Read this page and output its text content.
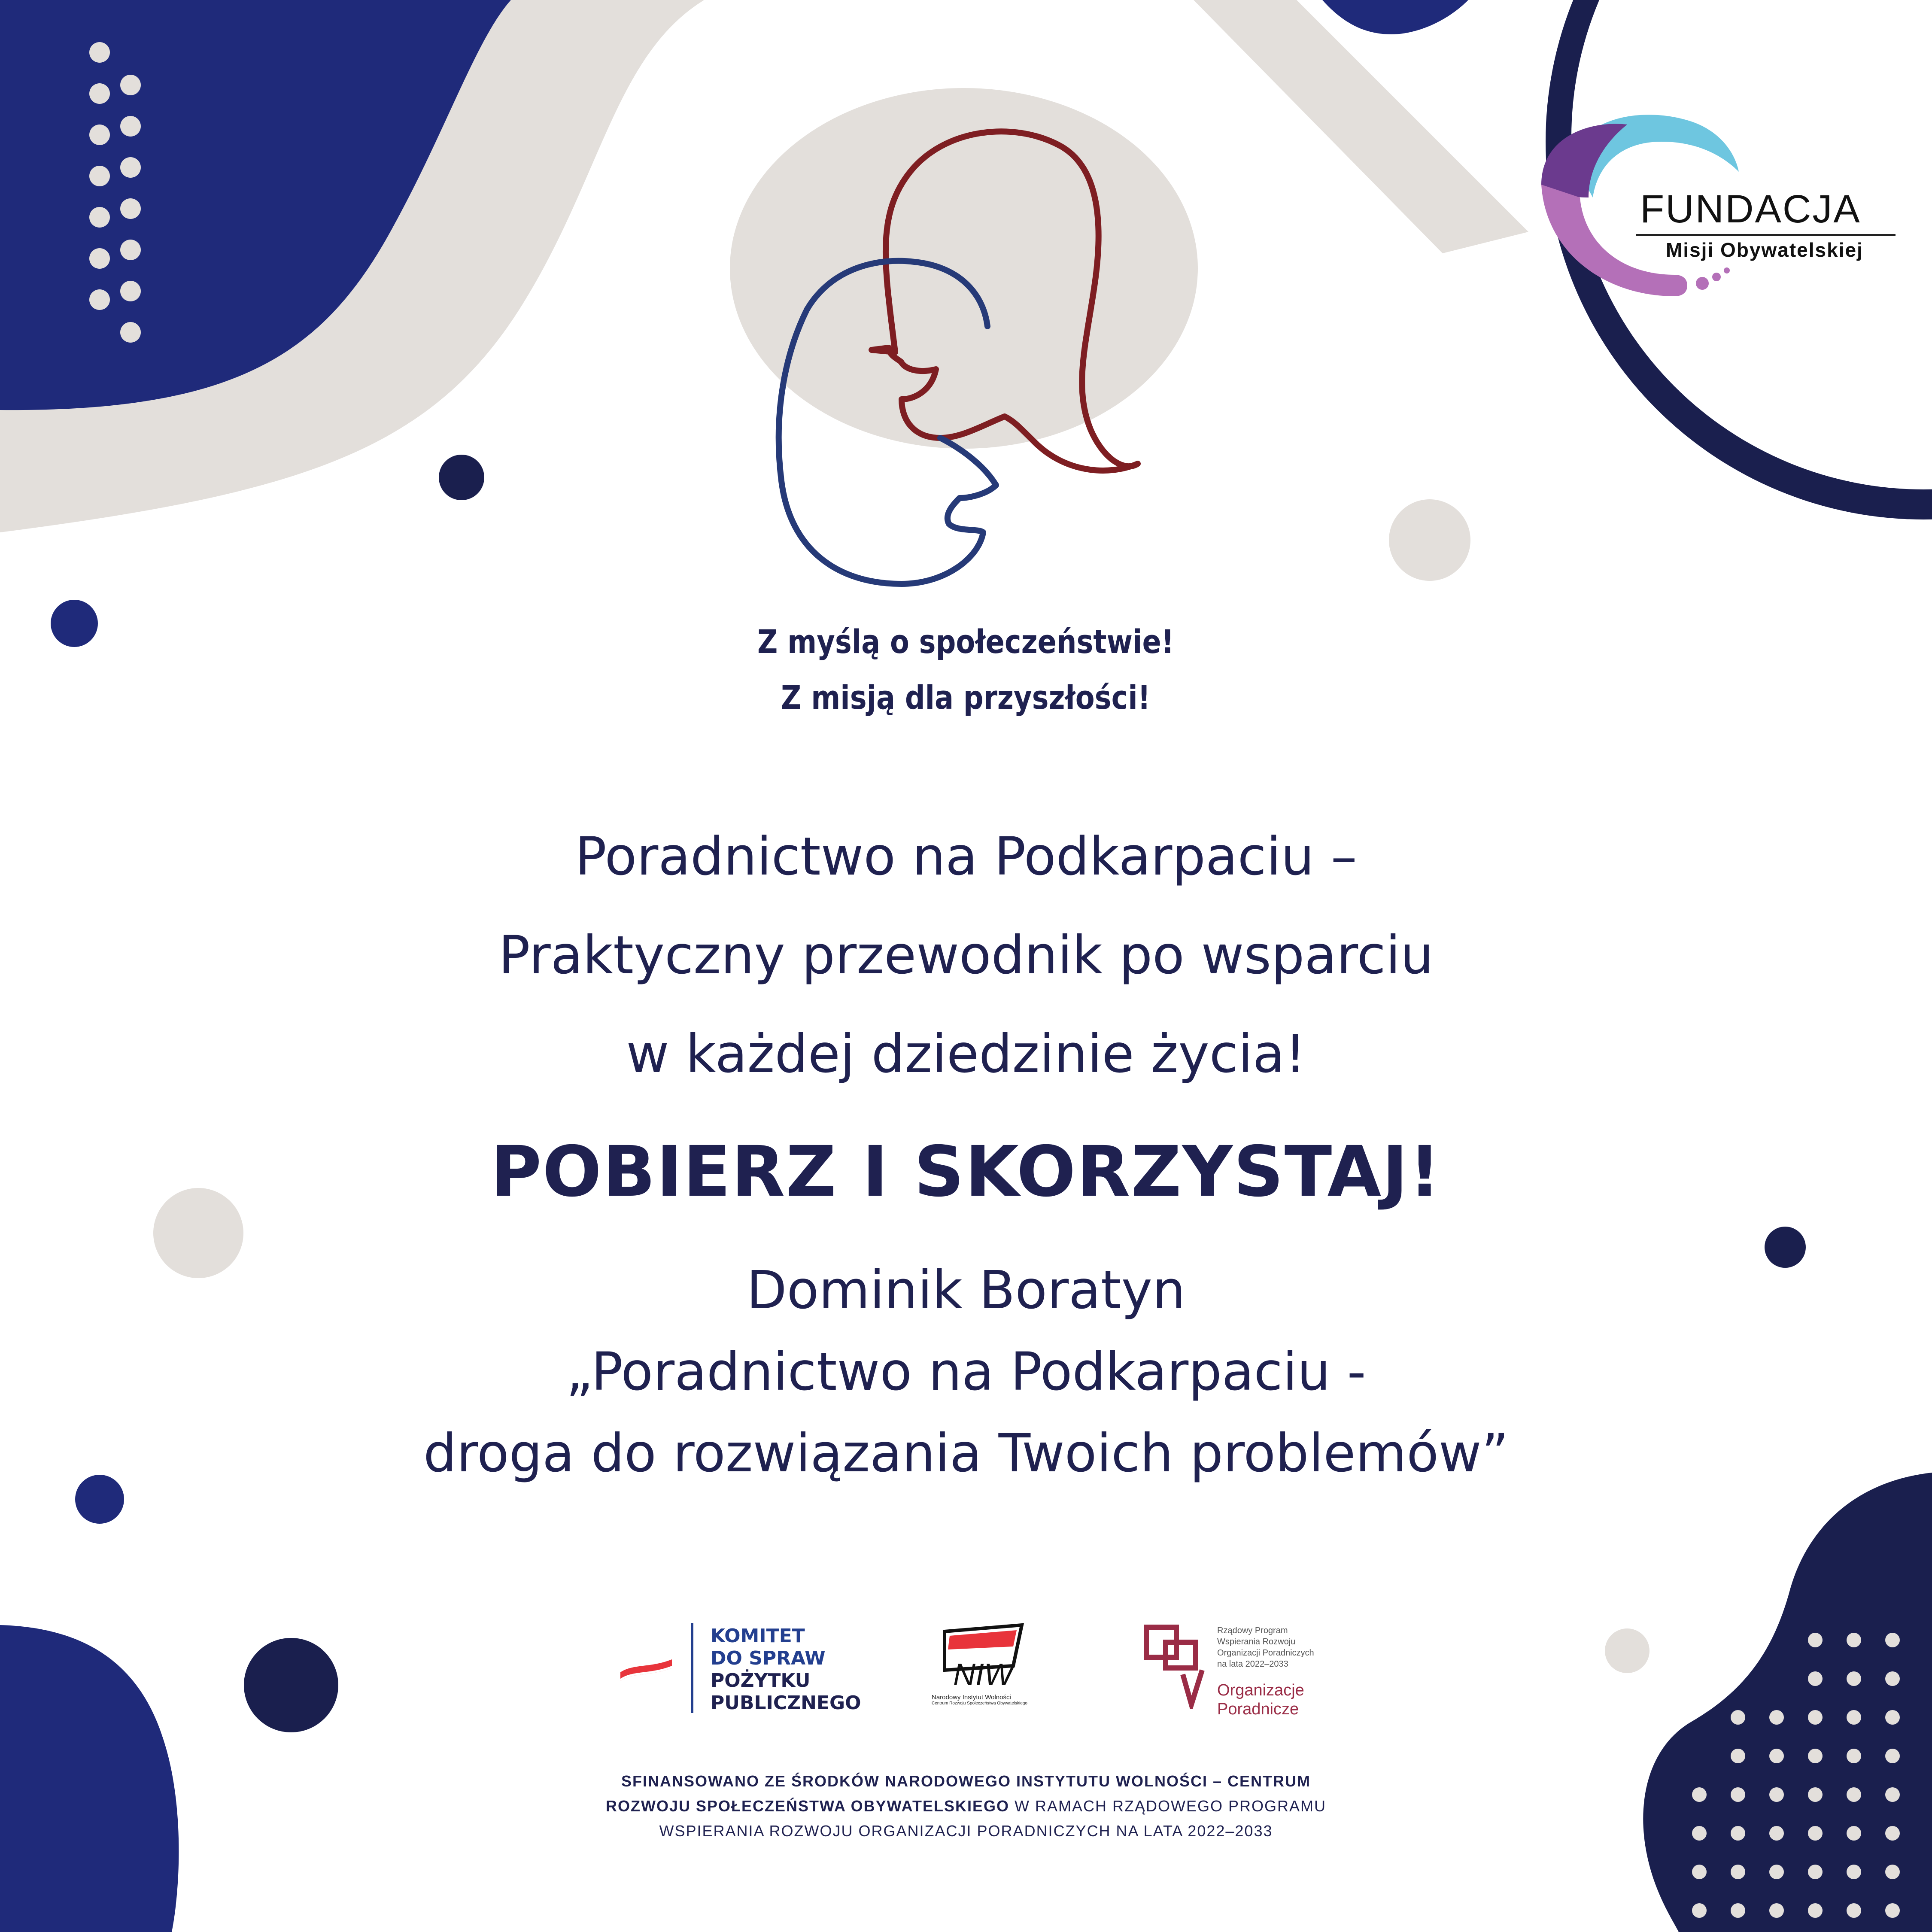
FUNDACJA
Misji Obywatelskiej
Z myślą o społeczeństwie!
Z misją dla przyszłości!
Poradnictwo na Podkarpaciu –
Praktyczny przewodnik po wsparciu
w każdej dziedzinie życia!
POBIERZ I SKORZYSTAJ!
Dominik Boratyn
„Poradnictwo na Podkarpaciu -
droga do rozwiązania Twoich problemów”
KOMITET
DO SPRAW
POŻYTKU
PUBLICZNEGO
NIW
Narodowy Instytut Wolności
Centrum Rozwoju Społeczeństwa Obywatelskiego
Rządowy Program
Wspierania Rozwoju
Organizacji Poradniczych
na lata 2022–2033
Organizacje
Poradnicze
SFINANSOWANO ZE ŚRODKÓW NARODOWEGO INSTYTUTU WOLNOŚCI – CENTRUM
ROZWOJU SPOŁECZEŃSTWA OBYWATELSKIEGO W RAMACH RZĄDOWEGO PROGRAMU
WSPIERANIA ROZWOJU ORGANIZACJI PORADNICZYCH NA LATA 2022–2033
